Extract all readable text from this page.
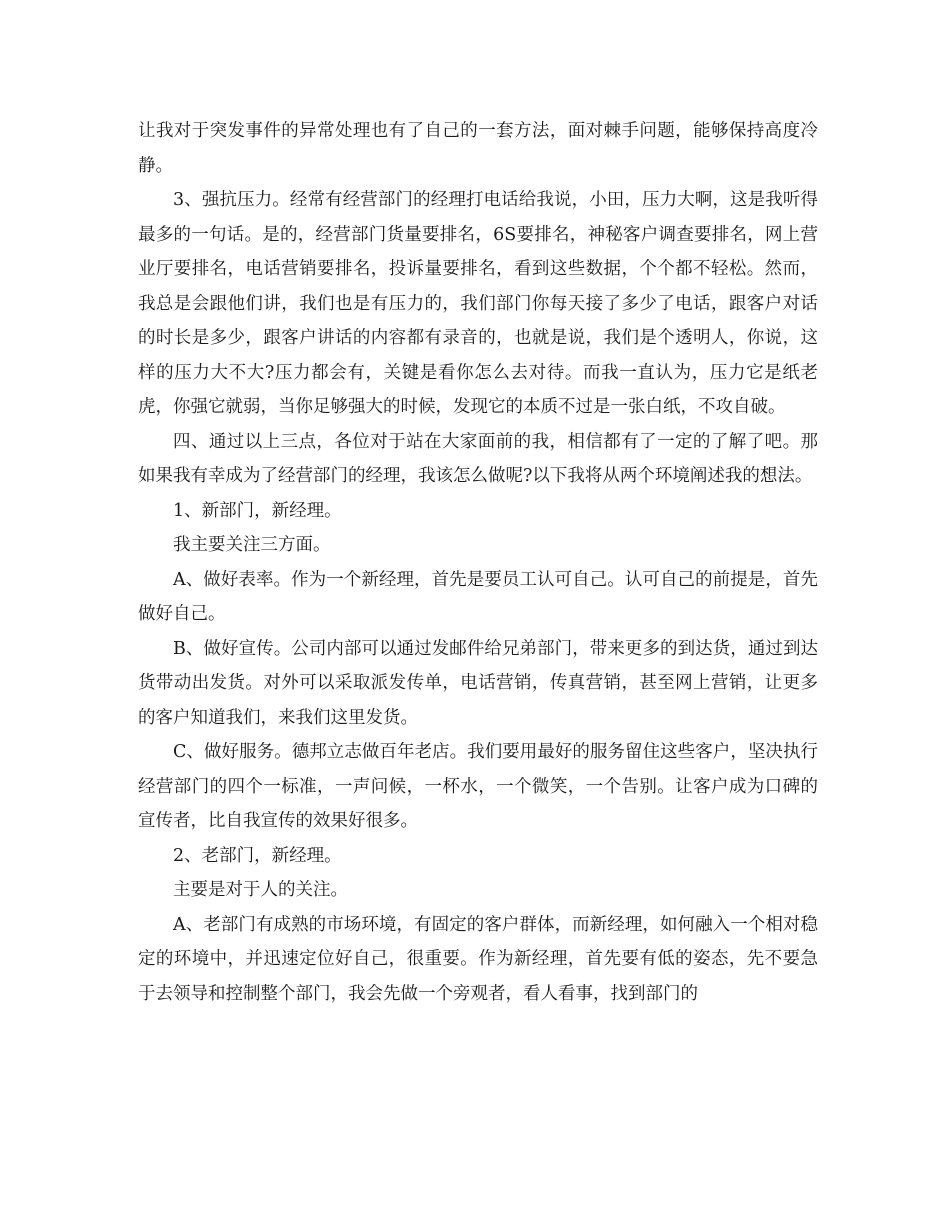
让我对于突发事件的异常处理也有了自己的一套方法，面对棘手问题，能够保持高度冷静。

3、强抗压力。经常有经营部门的经理打电话给我说，小田，压力大啊，这是我听得最多的一句话。是的，经营部门货量要排名，6S要排名，神秘客户调查要排名，网上营业厅要排名，电话营销要排名，投诉量要排名，看到这些数据，个个都不轻松。然而，我总是会跟他们讲，我们也是有压力的，我们部门你每天接了多少了电话，跟客户对话的时长是多少，跟客户讲话的内容都有录音的，也就是说，我们是个透明人，你说，这样的压力大不大?压力都会有，关键是看你怎么去对待。而我一直认为，压力它是纸老虎，你强它就弱，当你足够强大的时候，发现它的本质不过是一张白纸，不攻自破。

四、通过以上三点，各位对于站在大家面前的我，相信都有了一定的了解了吧。那如果我有幸成为了经营部门的经理，我该怎么做呢?以下我将从两个环境阐述我的想法。

1、新部门，新经理。

我主要关注三方面。

A、做好表率。作为一个新经理，首先是要员工认可自己。认可自己的前提是，首先做好自己。

B、做好宣传。公司内部可以通过发邮件给兄弟部门，带来更多的到达货，通过到达货带动出发货。对外可以采取派发传单，电话营销，传真营销，甚至网上营销，让更多的客户知道我们，来我们这里发货。

C、做好服务。德邦立志做百年老店。我们要用最好的服务留住这些客户，坚决执行经营部门的四个一标准，一声问候，一杯水，一个微笑，一个告别。让客户成为口碑的宣传者，比自我宣传的效果好很多。

2、老部门，新经理。

主要是对于人的关注。

A、老部门有成熟的市场环境，有固定的客户群体，而新经理，如何融入一个相对稳定的环境中，并迅速定位好自己，很重要。作为新经理，首先要有低的姿态，先不要急于去领导和控制整个部门，我会先做一个旁观者，看人看事，找到部门的
